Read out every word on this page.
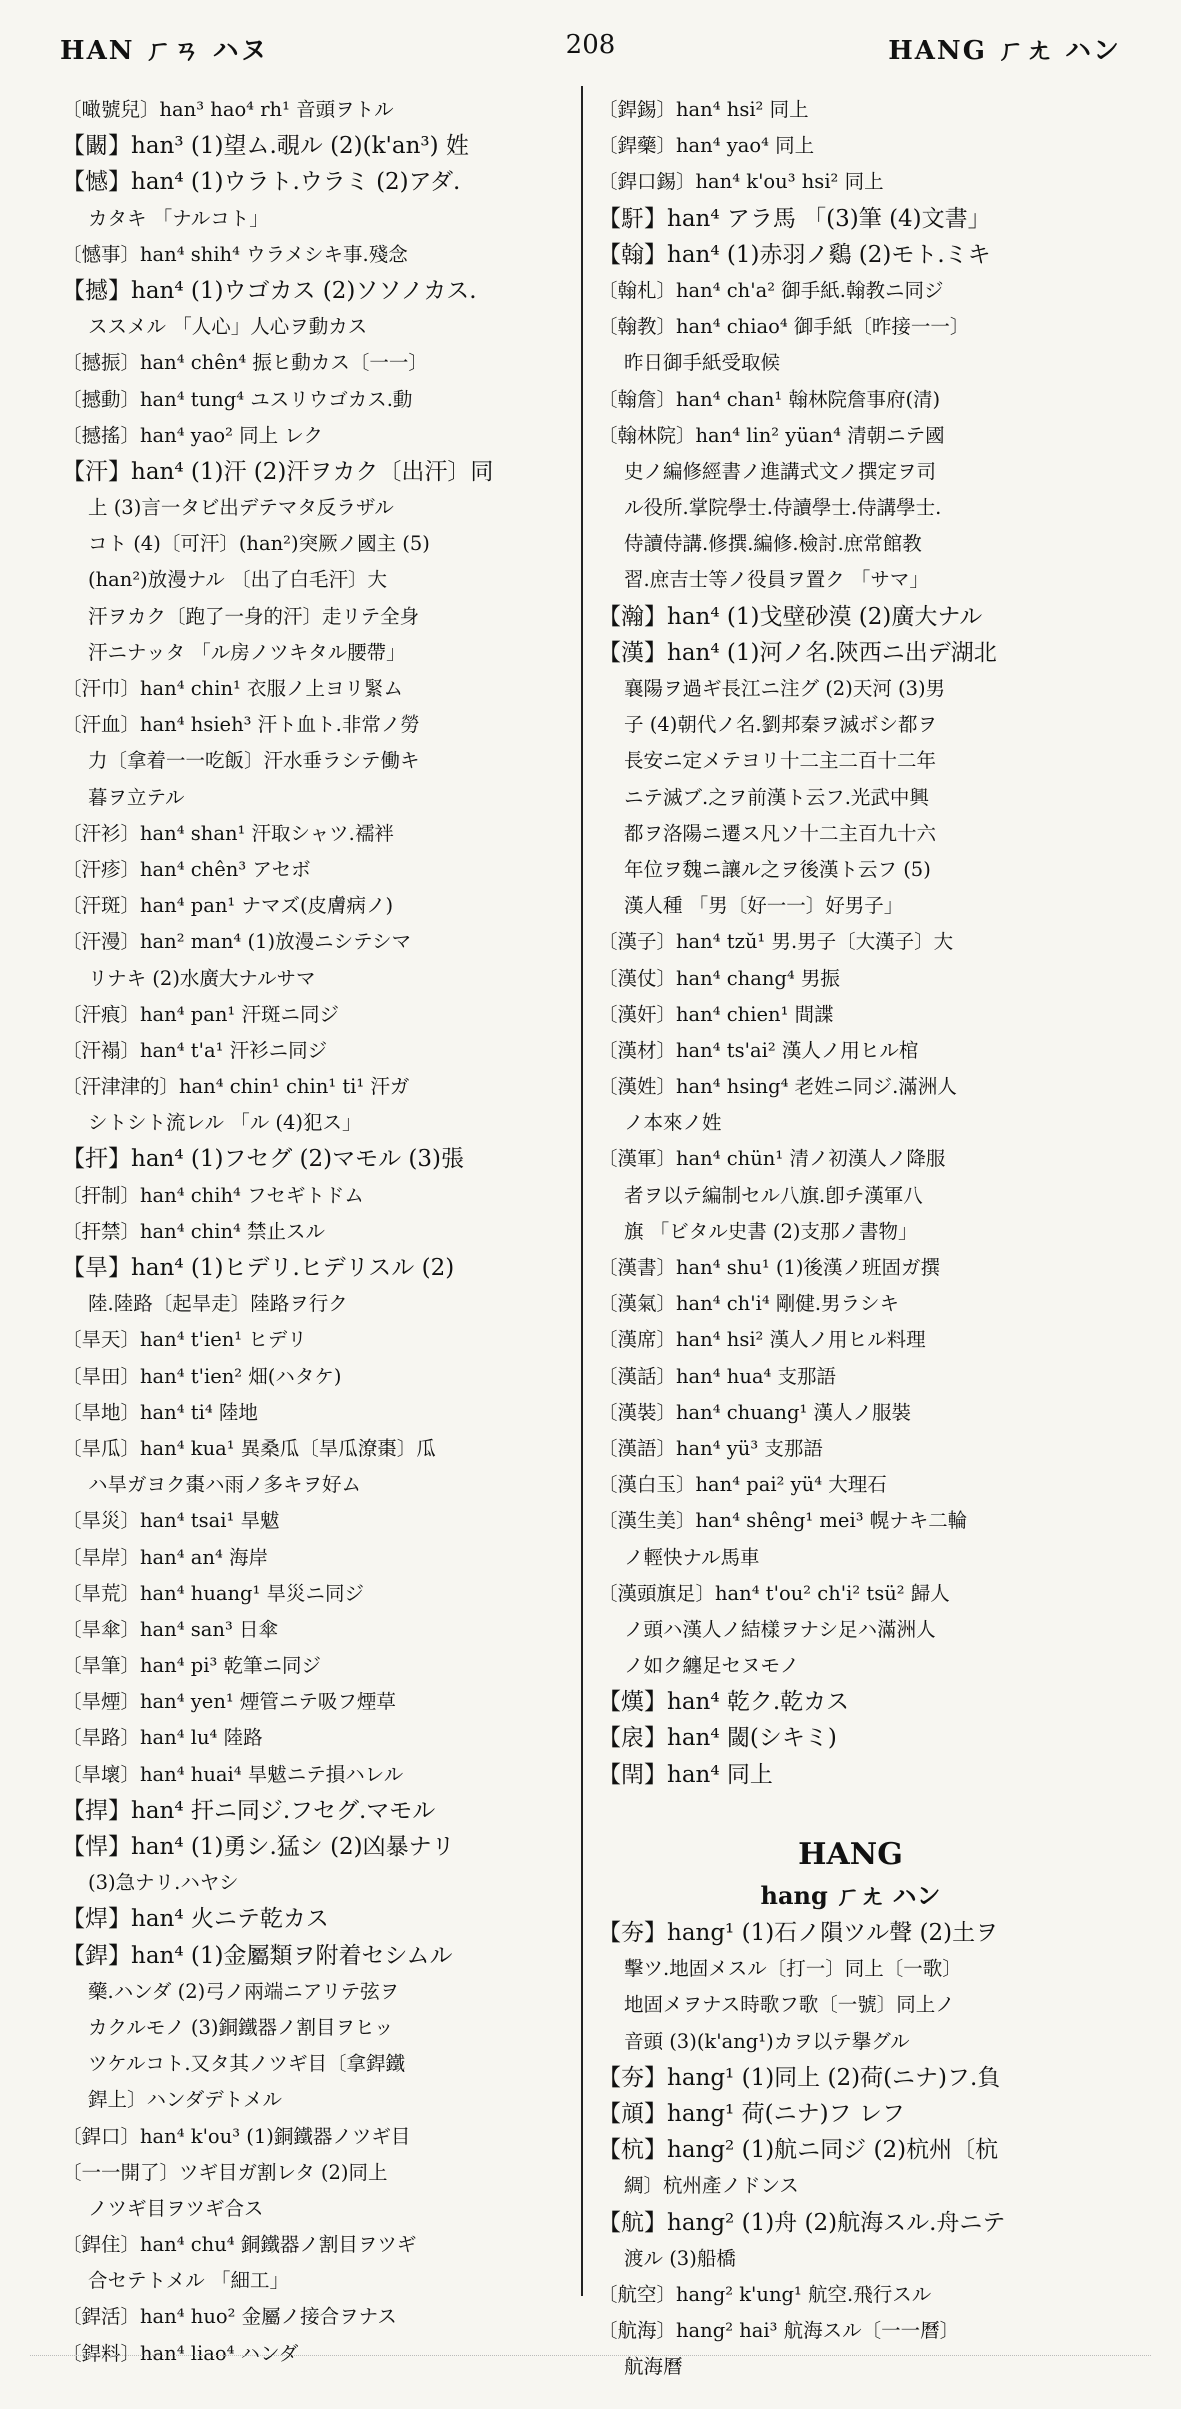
HAN ㄏㄢ ハヌ	208	HANG ㄏㄤ ハン
〔噉號兒〕han³ hao⁴ rh¹ 音頭ヲトル
【闞】han³ (1)望ム.覗ル (2)(k'an³) 姓
【憾】han⁴ (1)ウラト.ウラミ (2)アダ.
カタキ 「ナルコト」
〔憾事〕han⁴ shih⁴ ウラメシキ事.殘念
【撼】han⁴ (1)ウゴカス (2)ソソノカス.
ススメル 「人心」人心ヲ動カス
〔撼振〕han⁴ chên⁴ 振ヒ動カス〔一一〕
〔撼動〕han⁴ tung⁴ ユスリウゴカス.動
〔撼搖〕han⁴ yao² 同上 レク
【汗】han⁴ (1)汗 (2)汗ヲカク〔出汗〕同
上 (3)言一タビ出デテマタ反ラザル
コト (4)〔可汗〕(han²)突厥ノ國主 (5)
(han²)放漫ナル 〔出了白毛汗〕大
汗ヲカク〔跑了一身的汗〕走リテ全身
汗ニナッタ 「ル房ノツキタル腰帶」
〔汗巾〕han⁴ chin¹ 衣服ノ上ヨリ緊ム
〔汗血〕han⁴ hsieh³ 汗ト血ト.非常ノ勞
力〔拿着一一吃飯〕汗水垂ラシテ働キ
暮ヲ立テル
〔汗衫〕han⁴ shan¹ 汗取シャツ.襦袢
〔汗疹〕han⁴ chên³ アセボ
〔汗斑〕han⁴ pan¹ ナマズ(皮膚病ノ)
〔汗漫〕han² man⁴ (1)放漫ニシテシマ
リナキ (2)水廣大ナルサマ
〔汗㾗〕han⁴ pan¹ 汗斑ニ同ジ
〔汗褟〕han⁴ t'a¹ 汗衫ニ同ジ
〔汗津津的〕han⁴ chin¹ chin¹ ti¹ 汗ガ
シトシト流レル 「ル (4)犯ス」
【扞】han⁴ (1)フセグ (2)マモル (3)張
〔扞制〕han⁴ chih⁴ フセギトドム
〔扞禁〕han⁴ chin⁴ 禁止スル
【旱】han⁴ (1)ヒデリ.ヒデリスル (2)
陸.陸路〔起旱走〕陸路ヲ行ク
〔旱天〕han⁴ t'ien¹ ヒデリ
〔旱田〕han⁴ t'ien² 畑(ハタケ)
〔旱地〕han⁴ ti⁴ 陸地
〔旱瓜〕han⁴ kua¹ 異桑瓜〔旱瓜潦棗〕瓜
ハ旱ガヨク棗ハ雨ノ多キヲ好ム
〔旱災〕han⁴ tsai¹ 旱魃
〔旱岸〕han⁴ an⁴ 海岸
〔旱荒〕han⁴ huang¹ 旱災ニ同ジ
〔旱傘〕han⁴ san³ 日傘
〔旱筆〕han⁴ pi³ 乾筆ニ同ジ
〔旱煙〕han⁴ yen¹ 煙管ニテ吸フ煙草
〔旱路〕han⁴ lu⁴ 陸路
〔旱壞〕han⁴ huai⁴ 旱魃ニテ損ハレル
【捍】han⁴ 扞ニ同ジ.フセグ.マモル
【悍】han⁴ (1)勇シ.猛シ (2)凶暴ナリ
(3)急ナリ.ハヤシ
【焊】han⁴ 火ニテ乾カス
【銲】han⁴ (1)金屬類ヲ附着セシムル
藥.ハンダ (2)弓ノ兩端ニアリテ弦ヲ
カクルモノ (3)銅鐵器ノ割目ヲヒッ
ツケルコト.又タ其ノツギ目〔拿銲鐵
銲上〕ハンダデトメル
〔銲口〕han⁴ k'ou³ (1)銅鐵器ノツギ目
〔一一開了〕ツギ目ガ割レタ (2)同上
ノツギ目ヲツギ合ス
〔銲住〕han⁴ chu⁴ 銅鐵器ノ割目ヲツギ
合セテトメル 「細工」
〔銲活〕han⁴ huo² 金屬ノ接合ヲナス
〔銲料〕han⁴ liao⁴ ハンダ
〔銲錫〕han⁴ hsi² 同上
〔銲藥〕han⁴ yao⁴ 同上
〔銲口錫〕han⁴ k'ou³ hsi² 同上
【馯】han⁴ アラ馬 「(3)筆 (4)文書」
【翰】han⁴ (1)赤羽ノ鷄 (2)モト.ミキ
〔翰札〕han⁴ ch'a² 御手紙.翰教ニ同ジ
〔翰教〕han⁴ chiao⁴ 御手紙〔昨接一一〕
昨日御手紙受取候
〔翰詹〕han⁴ chan¹ 翰林院詹事府(清)
〔翰林院〕han⁴ lin² yüan⁴ 清朝ニテ國
史ノ編修經書ノ進講式文ノ撰定ヲ司
ル役所.掌院學士.侍讀學士.侍講學士.
侍讀侍講.修撰.編修.檢討.庶常館教
習.庶吉士等ノ役員ヲ置ク 「サマ」
【瀚】han⁴ (1)戈壁砂漠 (2)廣大ナル
【漢】han⁴ (1)河ノ名.陝西ニ出デ湖北
襄陽ヲ過ギ長江ニ注グ (2)天河 (3)男
子 (4)朝代ノ名.劉邦秦ヲ滅ボシ都ヲ
長安ニ定メテヨリ十二主二百十二年
ニテ滅ブ.之ヲ前漢ト云フ.光武中興
都ヲ洛陽ニ遷ス凡ソ十二主百九十六
年位ヲ魏ニ讓ル之ヲ後漢ト云フ (5)
漢人種 「男〔好一一〕好男子」
〔漢子〕han⁴ tzŭ¹ 男.男子〔大漢子〕大
〔漢仗〕han⁴ chang⁴ 男振
〔漢奸〕han⁴ chien¹ 間諜
〔漢材〕han⁴ ts'ai² 漢人ノ用ヒル棺
〔漢姓〕han⁴ hsing⁴ 老姓ニ同ジ.滿洲人
ノ本來ノ姓
〔漢軍〕han⁴ chün¹ 清ノ初漢人ノ降服
者ヲ以テ編制セル八旗.卽チ漢軍八
旗 「ビタル史書 (2)支那ノ書物」
〔漢書〕han⁴ shu¹ (1)後漢ノ班固ガ撰
〔漢氣〕han⁴ ch'i⁴ 剛健.男ラシキ
〔漢席〕han⁴ hsi² 漢人ノ用ヒル料理
〔漢話〕han⁴ hua⁴ 支那語
〔漢裝〕han⁴ chuang¹ 漢人ノ服裝
〔漢語〕han⁴ yü³ 支那語
〔漢白玉〕han⁴ pai² yü⁴ 大理石
〔漢生美〕han⁴ shêng¹ mei³ 幌ナキ二輪
ノ輕快ナル馬車
〔漢頭旗足〕han⁴ t'ou² ch'i² tsü² 歸人
ノ頭ハ漢人ノ結樣ヲナシ足ハ滿洲人
ノ如ク纏足セヌモノ
【熯】han⁴ 乾ク.乾カス
【扆】han⁴ 閾(シキミ)
【閈】han⁴ 同上
HANG
hang ㄏㄤ ハン
【夯】hang¹ (1)石ノ隕ツル聲 (2)土ヲ
擊ツ.地固メスル〔打一〕同上〔一歌〕
地固メヲナス時歌フ歌〔一號〕同上ノ
音頭 (3)(k'ang¹)カヲ以テ擧グル
【夯】hang¹ (1)同上 (2)荷(ニナ)フ.負
【頏】hang¹ 荷(ニナ)フ レフ
【杭】hang² (1)航ニ同ジ (2)杭州〔杭
綢〕杭州產ノドンス
【航】hang² (1)舟 (2)航海スル.舟ニテ
渡ル (3)船橋
〔航空〕hang² k'ung¹ 航空.飛行スル
〔航海〕hang² hai³ 航海スル〔一一曆〕
航海曆
